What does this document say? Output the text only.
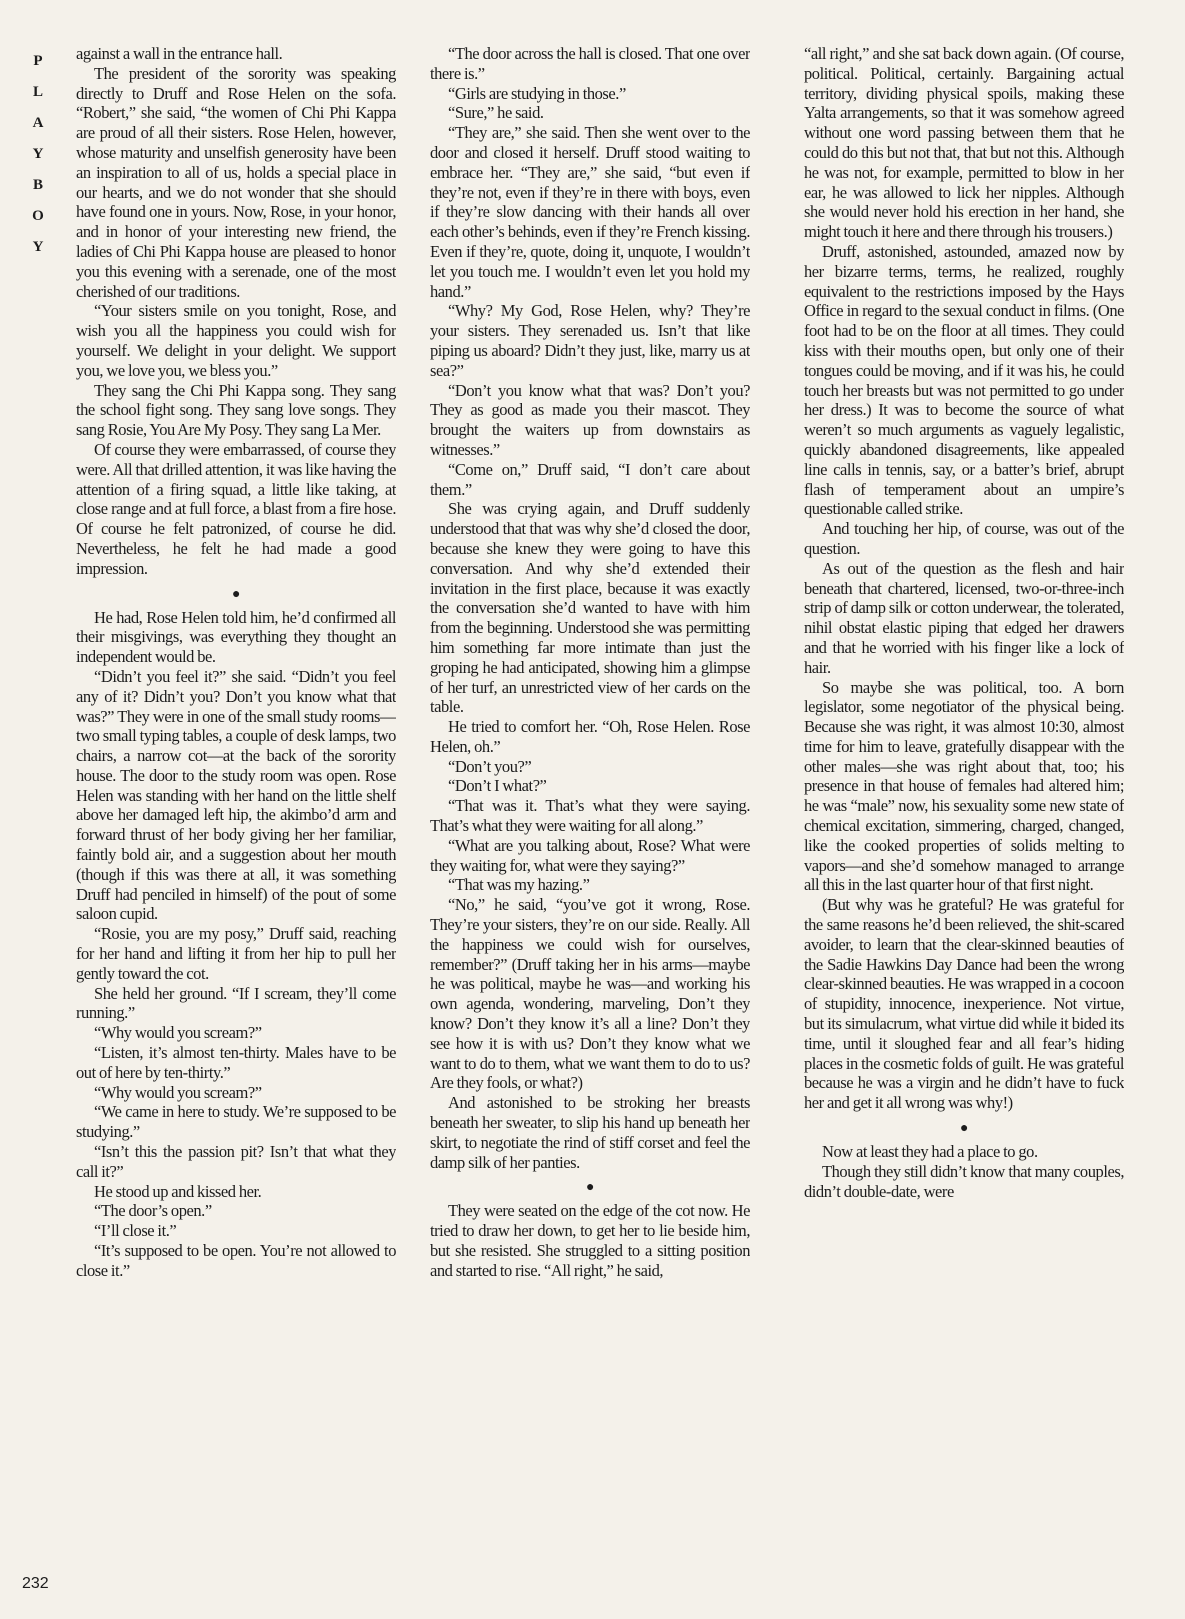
P
L
A
Y
B
O
Y
232

against a wall in the entrance hall.

The president of the sorority was speaking directly to Druff and Rose Helen on the sofa. “Robert,” she said, “the women of Chi Phi Kappa are proud of all their sisters. Rose Helen, however, whose maturity and unselfish generosity have been an inspiration to all of us, holds a special place in our hearts, and we do not wonder that she should have found one in yours. Now, Rose, in your honor, and in honor of your interesting new friend, the ladies of Chi Phi Kappa house are pleased to honor you this evening with a serenade, one of the most cherished of our traditions.

“Your sisters smile on you tonight, Rose, and wish you all the happiness you could wish for yourself. We delight in your delight. We support you, we love you, we bless you.”

They sang the Chi Phi Kappa song. They sang the school fight song. They sang love songs. They sang Rosie, You Are My Posy. They sang La Mer.

Of course they were embarrassed, of course they were. All that drilled attention, it was like having the attention of a firing squad, a little like taking, at close range and at full force, a blast from a fire hose. Of course he felt patronized, of course he did. Nevertheless, he felt he had made a good impression.

●

He had, Rose Helen told him, he’d confirmed all their misgivings, was everything they thought an independent would be.

“Didn’t you feel it?” she said. “Didn’t you feel any of it? Didn’t you? Don’t you know what that was?” They were in one of the small study rooms—two small typing tables, a couple of desk lamps, two chairs, a narrow cot—at the back of the sorority house. The door to the study room was open. Rose Helen was standing with her hand on the little shelf above her damaged left hip, the akimbo’d arm and forward thrust of her body giving her her familiar, faintly bold air, and a suggestion about her mouth (though if this was there at all, it was something Druff had penciled in himself) of the pout of some saloon cupid.

“Rosie, you are my posy,” Druff said, reaching for her hand and lifting it from her hip to pull her gently toward the cot.

She held her ground. “If I scream, they’ll come running.”

“Why would you scream?”

“Listen, it’s almost ten-thirty. Males have to be out of here by ten-thirty.”

“Why would you scream?”

“We came in here to study. We’re supposed to be studying.”

“Isn’t this the passion pit? Isn’t that what they call it?”

He stood up and kissed her.

“The door’s open.”

“I’ll close it.”

“It’s supposed to be open. You’re not allowed to close it.”

“The door across the hall is closed. That one over there is.”

“Girls are studying in those.”

“Sure,” he said.

“They are,” she said. Then she went over to the door and closed it herself. Druff stood waiting to embrace her. “They are,” she said, “but even if they’re not, even if they’re in there with boys, even if they’re slow dancing with their hands all over each other’s behinds, even if they’re French kissing. Even if they’re, quote, doing it, unquote, I wouldn’t let you touch me. I wouldn’t even let you hold my hand.”

“Why? My God, Rose Helen, why? They’re your sisters. They serenaded us. Isn’t that like piping us aboard? Didn’t they just, like, marry us at sea?”

“Don’t you know what that was? Don’t you? They as good as made you their mascot. They brought the waiters up from downstairs as witnesses.”

“Come on,” Druff said, “I don’t care about them.”

She was crying again, and Druff suddenly understood that that was why she’d closed the door, because she knew they were going to have this conversation. And why she’d extended their invitation in the first place, because it was exactly the conversation she’d wanted to have with him from the beginning. Understood she was permitting him something far more intimate than just the groping he had anticipated, showing him a glimpse of her turf, an unrestricted view of her cards on the table.

He tried to comfort her. “Oh, Rose Helen. Rose Helen, oh.”

“Don’t you?”

“Don’t I what?”

“That was it. That’s what they were saying. That’s what they were waiting for all along.”

“What are you talking about, Rose? What were they waiting for, what were they saying?”

“That was my hazing.”

“No,” he said, “you’ve got it wrong, Rose. They’re your sisters, they’re on our side. Really. All the happiness we could wish for ourselves, remember?” (Druff taking her in his arms—maybe he was political, maybe he was—and working his own agenda, wondering, marveling, Don’t they know? Don’t they know it’s all a line? Don’t they see how it is with us? Don’t they know what we want to do to them, what we want them to do to us? Are they fools, or what?)

And astonished to be stroking her breasts beneath her sweater, to slip his hand up beneath her skirt, to negotiate the rind of stiff corset and feel the damp silk of her panties.

●

They were seated on the edge of the cot now. He tried to draw her down, to get her to lie beside him, but she resisted. She struggled to a sitting position and started to rise. “All right,” he said,

“all right,” and she sat back down again. (Of course, political. Political, certainly. Bargaining actual territory, dividing physical spoils, making these Yalta arrangements, so that it was somehow agreed without one word passing between them that he could do this but not that, that but not this. Although he was not, for example, permitted to blow in her ear, he was allowed to lick her nipples. Although she would never hold his erection in her hand, she might touch it here and there through his trousers.)

Druff, astonished, astounded, amazed now by her bizarre terms, terms, he realized, roughly equivalent to the restrictions imposed by the Hays Office in regard to the sexual conduct in films. (One foot had to be on the floor at all times. They could kiss with their mouths open, but only one of their tongues could be moving, and if it was his, he could touch her breasts but was not permitted to go under her dress.) It was to become the source of what weren’t so much arguments as vaguely legalistic, quickly abandoned disagreements, like appealed line calls in tennis, say, or a batter’s brief, abrupt flash of temperament about an umpire’s questionable called strike.

And touching her hip, of course, was out of the question.

As out of the question as the flesh and hair beneath that chartered, licensed, two-or-three-inch strip of damp silk or cotton underwear, the tolerated, nihil obstat elastic piping that edged her drawers and that he worried with his finger like a lock of hair.

So maybe she was political, too. A born legislator, some negotiator of the physical being. Because she was right, it was almost 10:30, almost time for him to leave, gratefully disappear with the other males—she was right about that, too; his presence in that house of females had altered him; he was “male” now, his sexuality some new state of chemical excitation, simmering, charged, changed, like the cooked properties of solids melting to vapors—and she’d somehow managed to arrange all this in the last quarter hour of that first night.

(But why was he grateful? He was grateful for the same reasons he’d been relieved, the shit-scared avoider, to learn that the clear-skinned beauties of the Sadie Hawkins Day Dance had been the wrong clear-skinned beauties. He was wrapped in a cocoon of stupidity, innocence, inexperience. Not virtue, but its simulacrum, what virtue did while it bided its time, until it sloughed fear and all fear’s hiding places in the cosmetic folds of guilt. He was grateful because he was a virgin and he didn’t have to fuck her and get it all wrong was why!)

●

Now at least they had a place to go.

Though they still didn’t know that many couples, didn’t double-date, were
